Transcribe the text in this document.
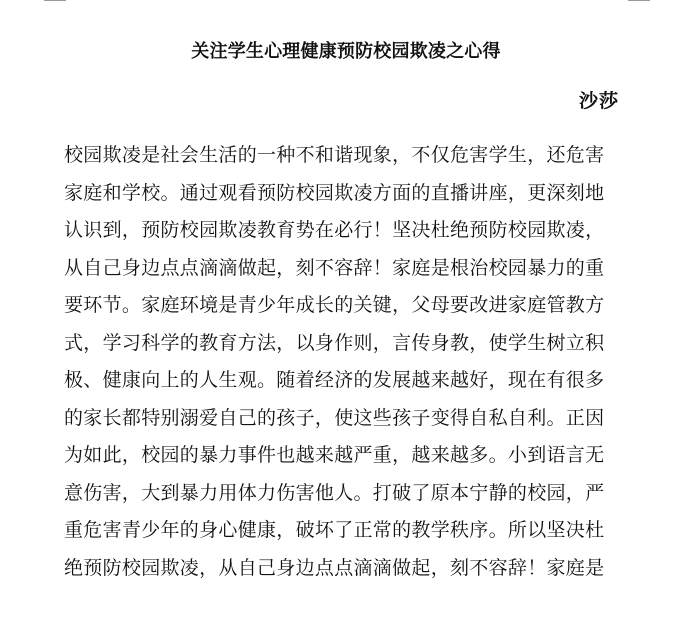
关注学生心理健康预防校园欺凌之心得
沙莎
校园欺凌是社会生活的一种不和谐现象，不仅危害学生，还危害
家庭和学校。通过观看预防校园欺凌方面的直播讲座，更深刻地
认识到，预防校园欺凌教育势在必行！坚决杜绝预防校园欺凌，
从自己身边点点滴滴做起，刻不容辞！家庭是根治校园暴力的重
要环节。家庭环境是青少年成长的关键，父母要改进家庭管教方
式，学习科学的教育方法，以身作则，言传身教，使学生树立积
极、健康向上的人生观。随着经济的发展越来越好，现在有很多
的家长都特别溺爱自己的孩子，使这些孩子变得自私自利。正因
为如此，校园的暴力事件也越来越严重，越来越多。小到语言无
意伤害，大到暴力用体力伤害他人。打破了原本宁静的校园，严
重危害青少年的身心健康，破坏了正常的教学秩序。所以坚决杜
绝预防校园欺凌，从自己身边点点滴滴做起，刻不容辞！家庭是
